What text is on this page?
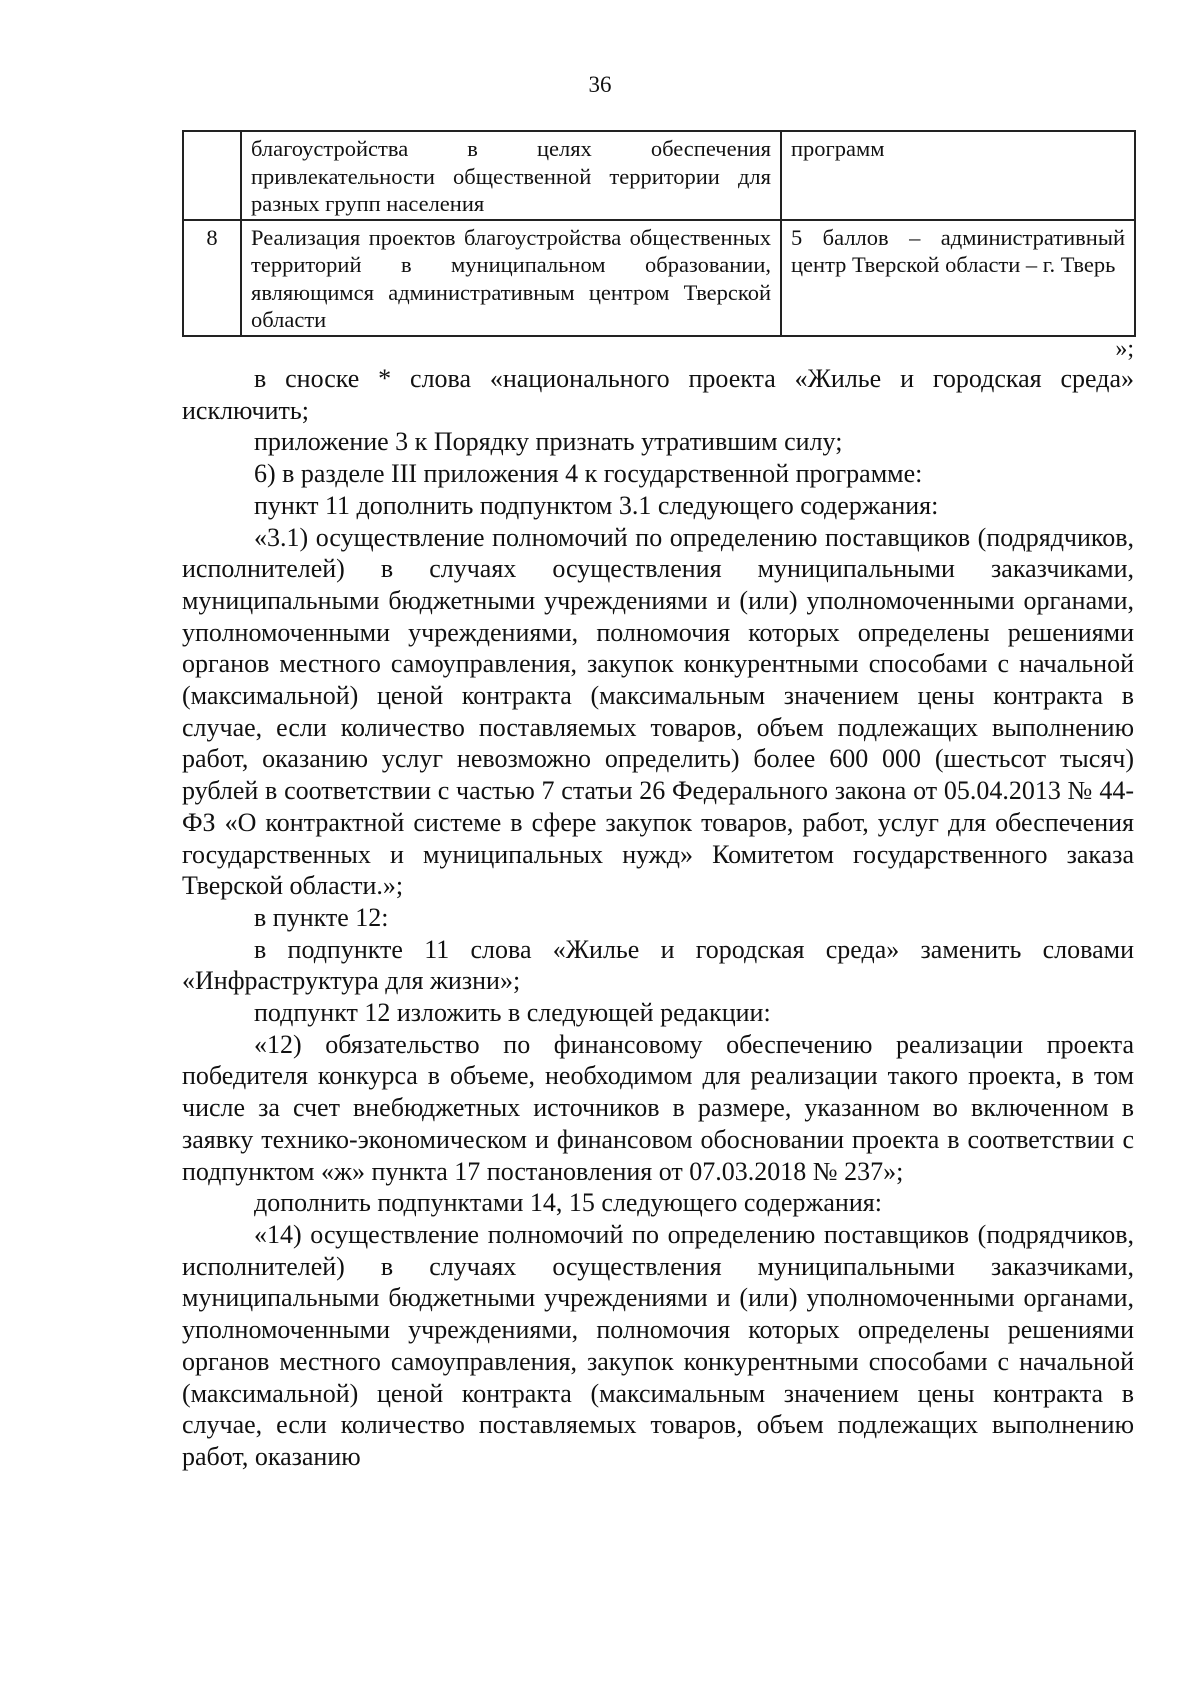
36
	благоустройства в целях обеспечения привлекательности общественной территории для разных групп населения	программ
8	Реализация проектов благоустройства общественных территорий в муниципальном образовании, являющимся административным центром Тверской области	5 баллов – административный центр Тверской области – г. Тверь
»;

в сноске * слова «национального проекта «Жилье и городская среда» исключить;

приложение 3 к Порядку признать утратившим силу;

6) в разделе III приложения 4 к государственной программе:

пункт 11 дополнить подпунктом 3.1 следующего содержания:

«3.1) осуществление полномочий по определению поставщиков (подрядчиков, исполнителей) в случаях осуществления муниципальными заказчиками, муниципальными бюджетными учреждениями и (или) уполномоченными органами, уполномоченными учреждениями, полномочия которых определены решениями органов местного самоуправления, закупок конкурентными способами с начальной (максимальной) ценой контракта (максимальным значением цены контракта в случае, если количество поставляемых товаров, объем подлежащих выполнению работ, оказанию услуг невозможно определить) более 600 000 (шестьсот тысяч) рублей в соответствии с частью 7 статьи 26 Федерального закона от 05.04.2013 № 44-ФЗ «О контрактной системе в сфере закупок товаров, работ, услуг для обеспечения государственных и муниципальных нужд» Комитетом государственного заказа Тверской области.»;

в пункте 12:

в подпункте 11 слова «Жилье и городская среда» заменить словами «Инфраструктура для жизни»;

подпункт 12 изложить в следующей редакции:

«12) обязательство по финансовому обеспечению реализации проекта победителя конкурса в объеме, необходимом для реализации такого проекта, в том числе за счет внебюджетных источников в размере, указанном во включенном в заявку технико-экономическом и финансовом обосновании проекта в соответствии с подпунктом «ж» пункта 17 постановления от 07.03.2018 № 237»;

дополнить подпунктами 14, 15 следующего содержания:

«14) осуществление полномочий по определению поставщиков (подрядчиков, исполнителей) в случаях осуществления муниципальными заказчиками, муниципальными бюджетными учреждениями и (или) уполномоченными органами, уполномоченными учреждениями, полномочия которых определены решениями органов местного самоуправления, закупок конкурентными способами с начальной (максимальной) ценой контракта (максимальным значением цены контракта в случае, если количество поставляемых товаров, объем подлежащих выполнению работ, оказанию
